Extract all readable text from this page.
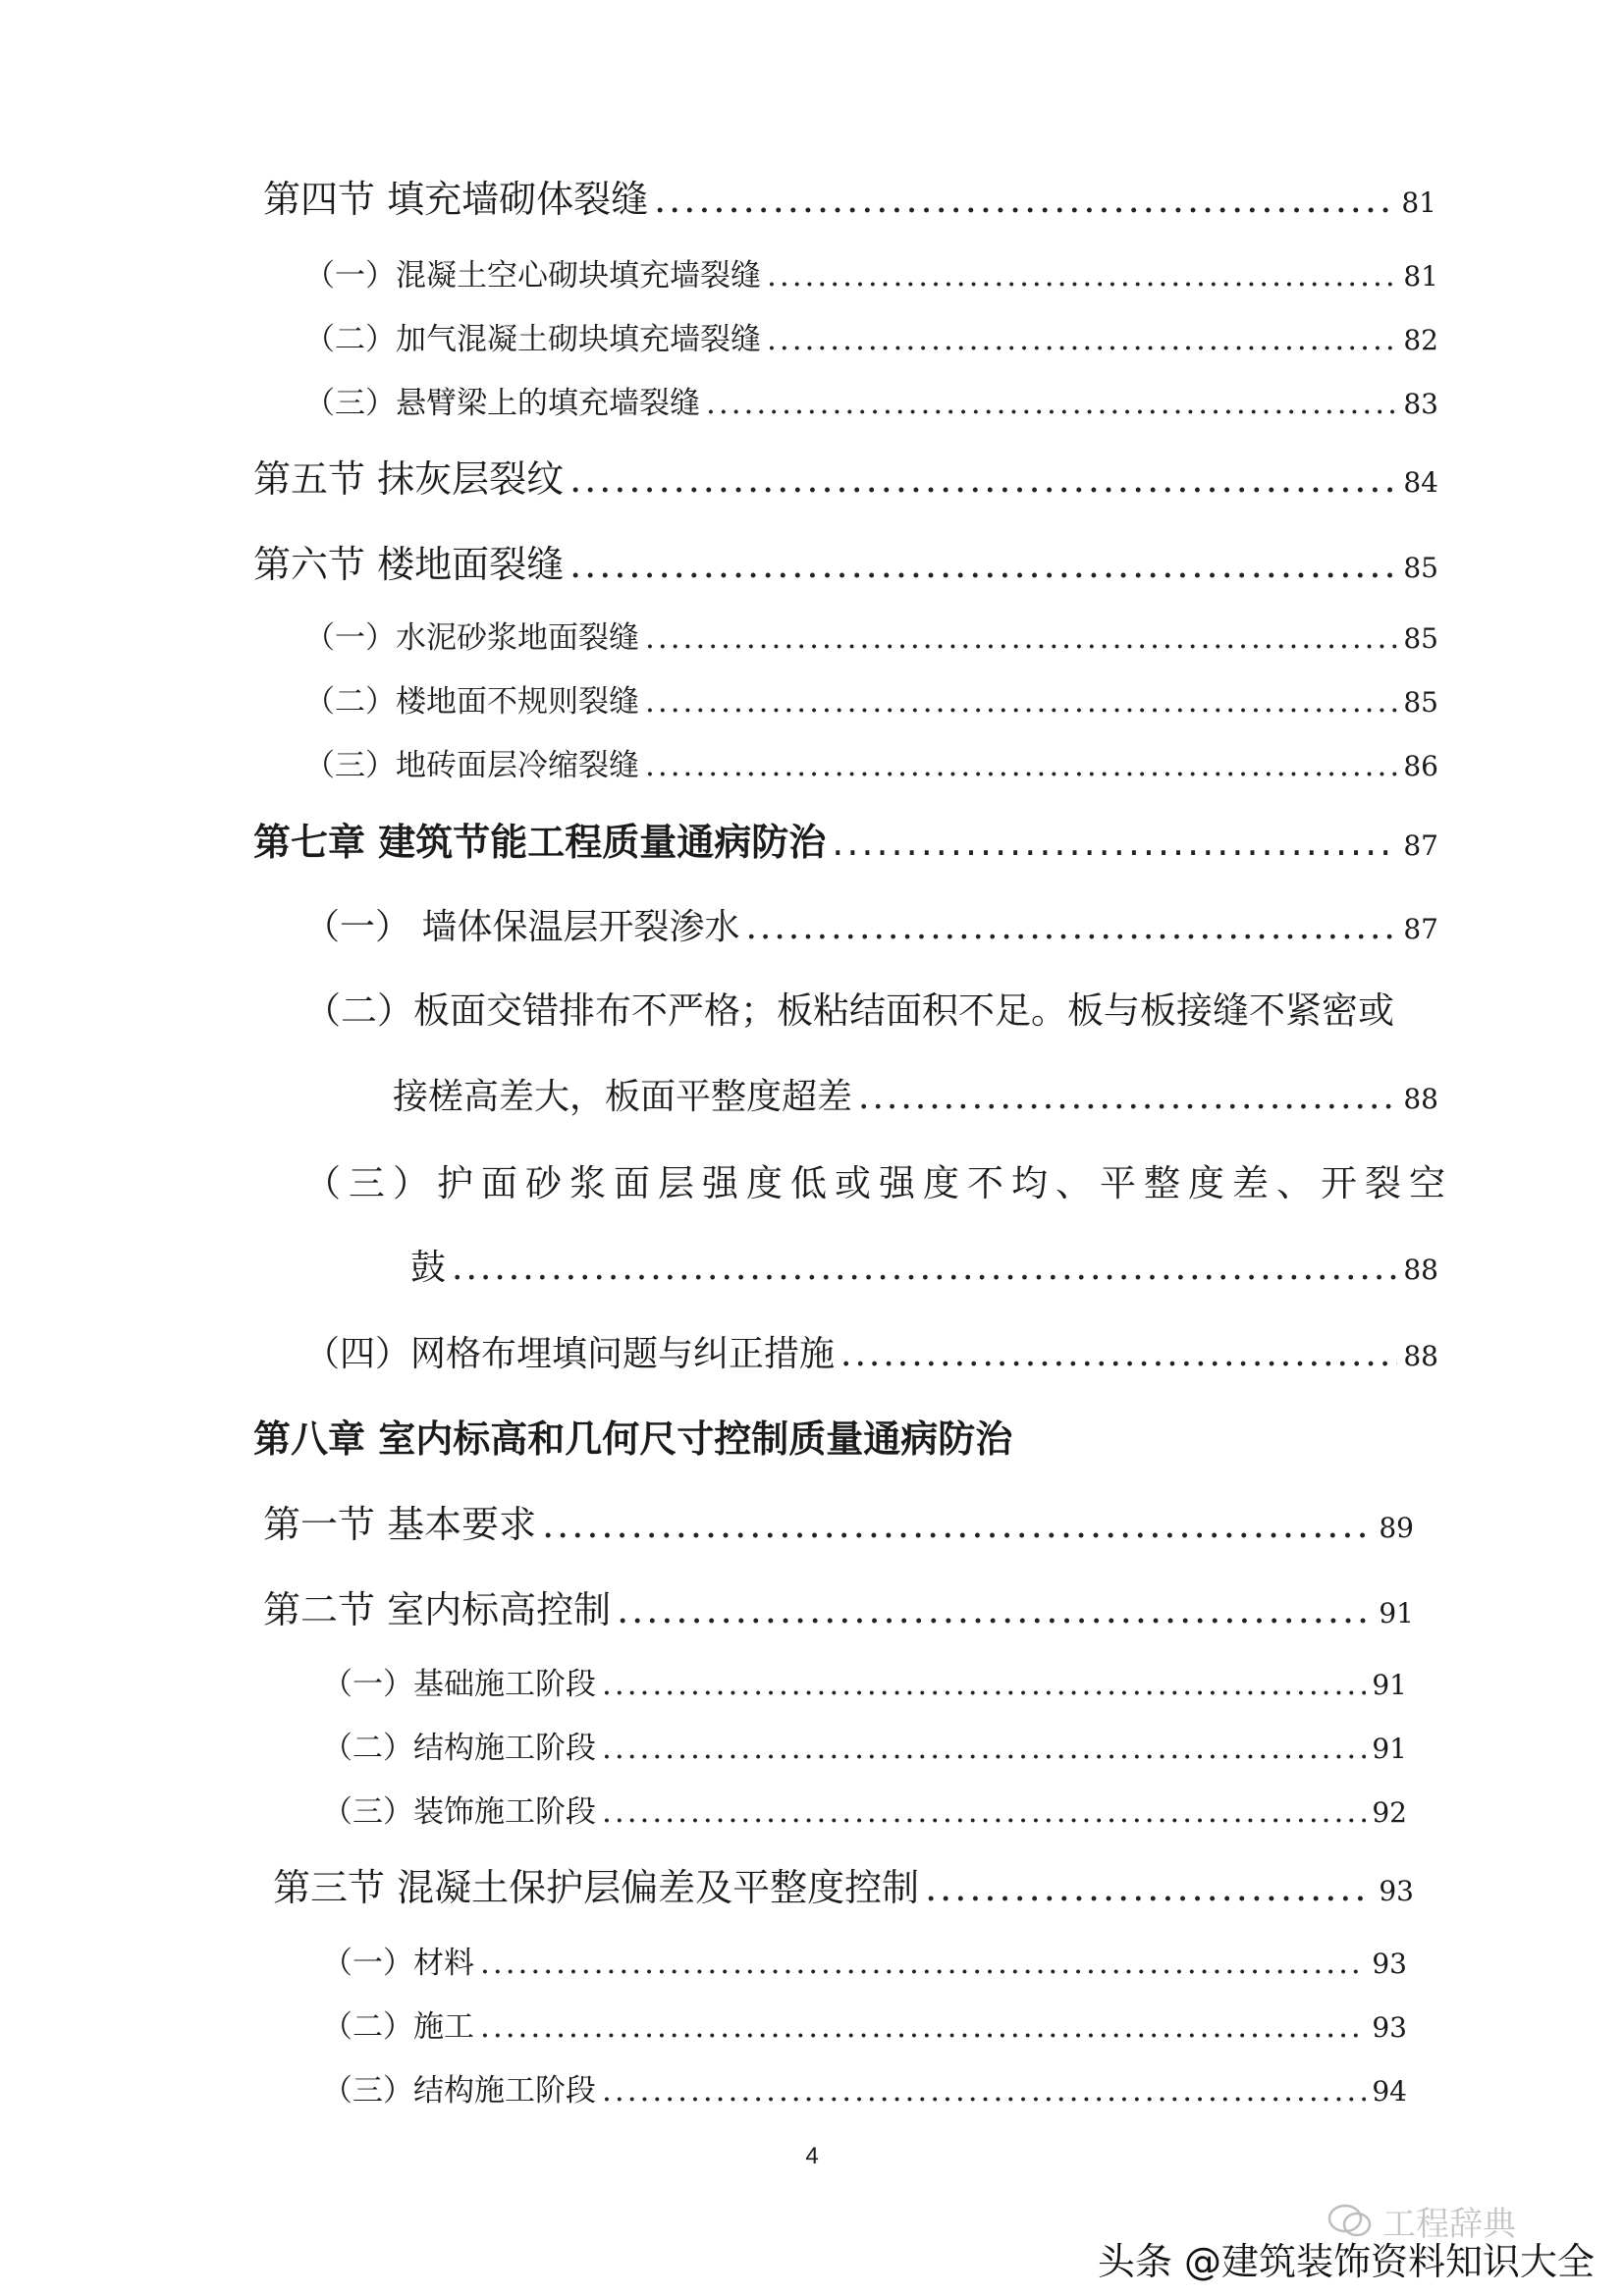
第四节 填充墙砌体裂缝 .....	81
（一）混凝土空心砌块填充墙裂缝 .....	81
（二）加气混凝土砌块填充墙裂缝 .....	82
（三）悬臂梁上的填充墙裂缝 .....	83
第五节 抹灰层裂纹 .....	84
第六节 楼地面裂缝 .....	85
（一）水泥砂浆地面裂缝 .....	85
（二）楼地面不规则裂缝 .....	85
（三）地砖面层冷缩裂缝 .....	86
第七章 建筑节能工程质量通病防治 .....	87
（一） 墙体保温层开裂渗水 .....	87
（二）板面交错排布不严格；板粘结面积不足。板与板接缝不紧密或
接槎高差大，板面平整度超差 .....	88
（三）护面砂浆面层强度低或强度不均、平整度差、开裂空
鼓 .....	88
（四）网格布埋填问题与纠正措施 .....	88
第八章 室内标高和几何尺寸控制质量通病防治
第一节 基本要求 .....	89
第二节 室内标高控制 .....	91
（一）基础施工阶段 .....	91
（二）结构施工阶段 .....	91
（三）装饰施工阶段 .....	92
第三节 混凝土保护层偏差及平整度控制 .....	93
（一）材料 .....	93
（二）施工 .....	93
（三）结构施工阶段 .....	94
4
工程辞典
头条 @建筑装饰资料知识大全
